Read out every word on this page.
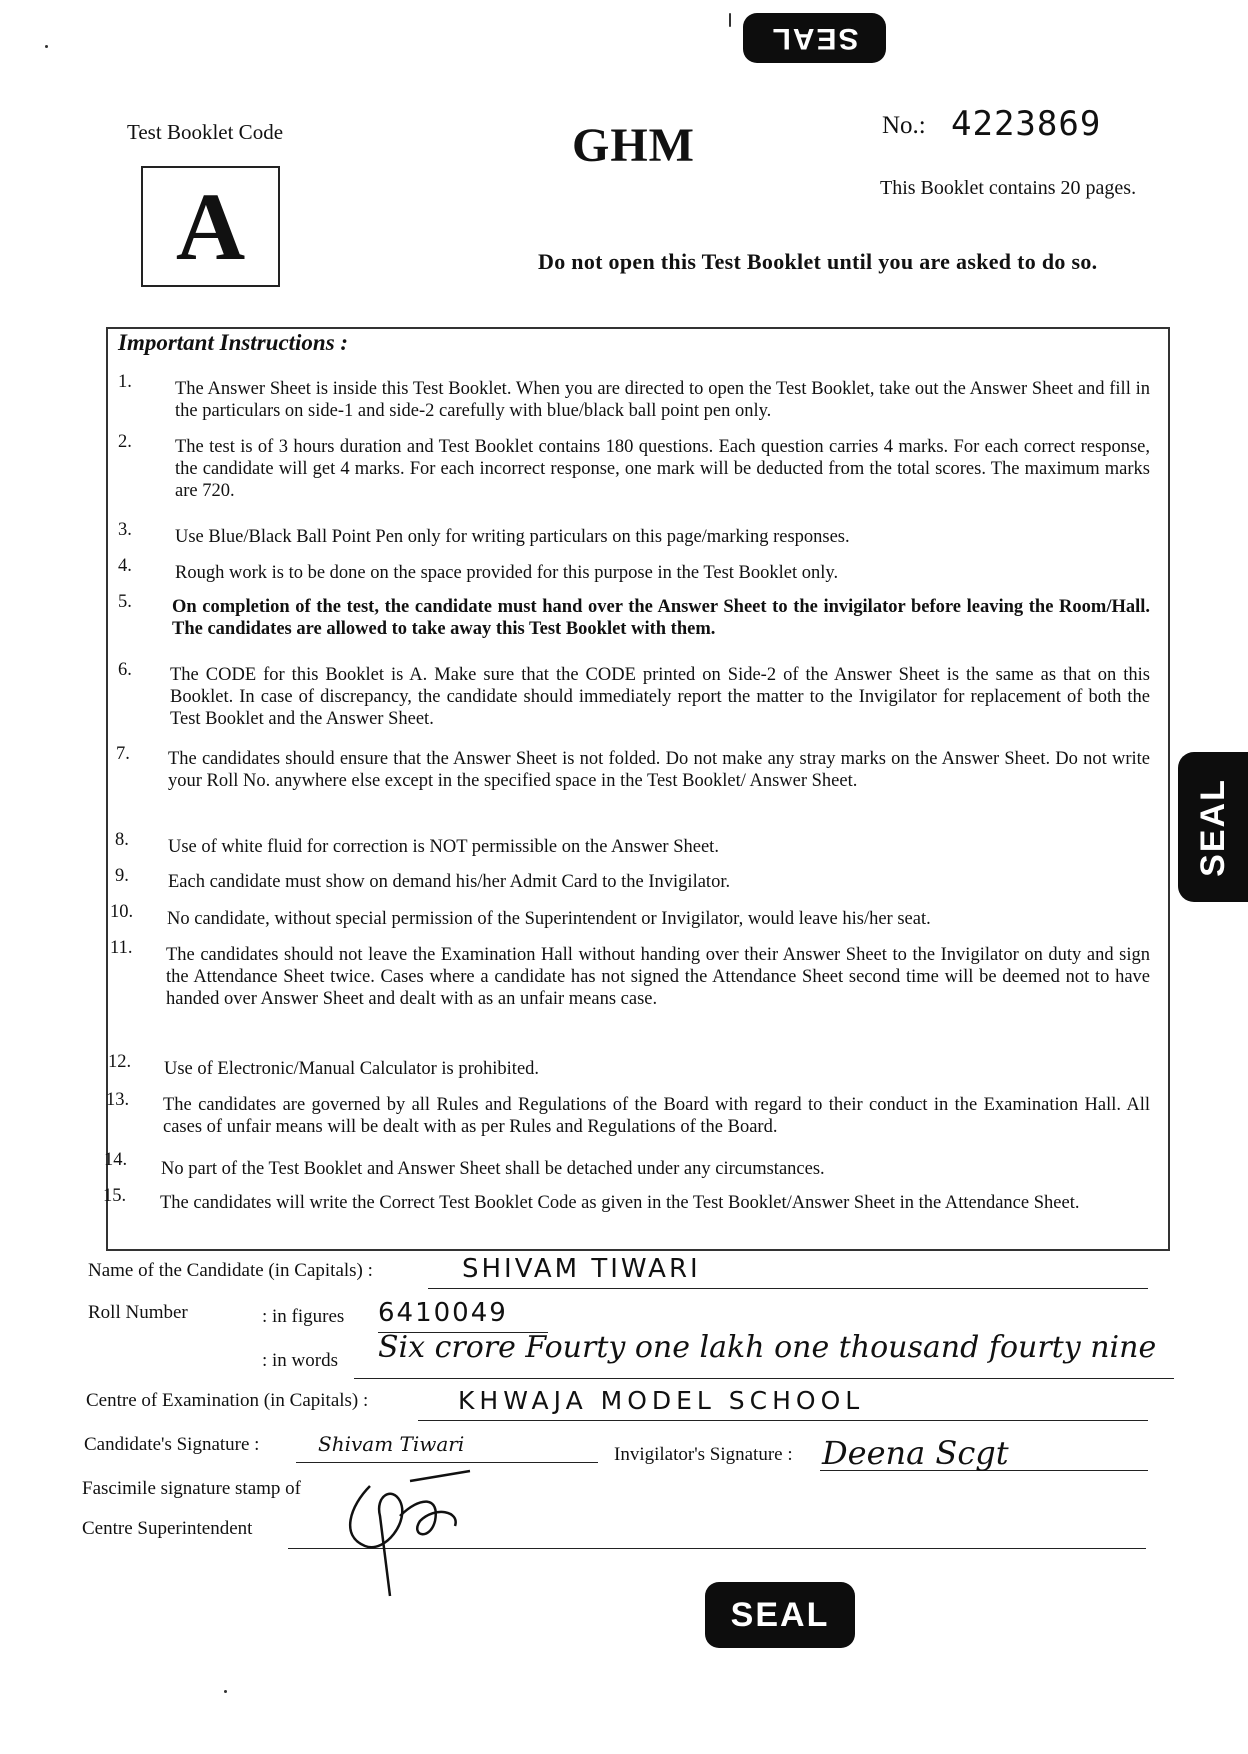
SEAL
SEAL
SEAL
Test Booklet Code
A
GHM	No.: 4223869
This Booklet contains 20 pages.
Do not open this Test Booklet until you are asked to do so.
Important Instructions :
1. The Answer Sheet is inside this Test Booklet. When you are directed to open the Test Booklet, take out the Answer Sheet and fill in the particulars on side-1 and side-2 carefully with blue/black ball point pen only.
2. The test is of 3 hours duration and Test Booklet contains 180 questions. Each question carries 4 marks. For each correct response, the candidate will get 4 marks. For each incorrect response, one mark will be deducted from the total scores. The maximum marks are 720.
3. Use Blue/Black Ball Point Pen only for writing particulars on this page/marking responses.
4. Rough work is to be done on the space provided for this purpose in the Test Booklet only.
5. On completion of the test, the candidate must hand over the Answer Sheet to the invigilator before leaving the Room/Hall. The candidates are allowed to take away this Test Booklet with them.
6. The CODE for this Booklet is A. Make sure that the CODE printed on Side-2 of the Answer Sheet is the same as that on this Booklet. In case of discrepancy, the candidate should immediately report the matter to the Invigilator for replacement of both the Test Booklet and the Answer Sheet.
7. The candidates should ensure that the Answer Sheet is not folded. Do not make any stray marks on the Answer Sheet. Do not write your Roll No. anywhere else except in the specified space in the Test Booklet/ Answer Sheet.
8. Use of white fluid for correction is NOT permissible on the Answer Sheet.
9. Each candidate must show on demand his/her Admit Card to the Invigilator.
10. No candidate, without special permission of the Superintendent or Invigilator, would leave his/her seat.
11. The candidates should not leave the Examination Hall without handing over their Answer Sheet to the Invigilator on duty and sign the Attendance Sheet twice. Cases where a candidate has not signed the Attendance Sheet second time will be deemed not to have handed over Answer Sheet and dealt with as an unfair means case.
12. Use of Electronic/Manual Calculator is prohibited.
13. The candidates are governed by all Rules and Regulations of the Board with regard to their conduct in the Examination Hall. All cases of unfair means will be dealt with as per Rules and Regulations of the Board.
14. No part of the Test Booklet and Answer Sheet shall be detached under any circumstances.
15. The candidates will write the Correct Test Booklet Code as given in the Test Booklet/Answer Sheet in the Attendance Sheet.
Name of the Candidate (in Capitals) :	SHIVAM TIWARI
Roll Number	: in figures 6410049
: in words Six crore Fourty one lakh one thousand fourty nine
Centre of Examination (in Capitals) :	KHWAJA MODEL SCHOOL
Candidate's Signature :	Shivam Tiwari	Invigilator's Signature : Deena Scgt
Fascimile signature stamp of
Centre Superintendent
